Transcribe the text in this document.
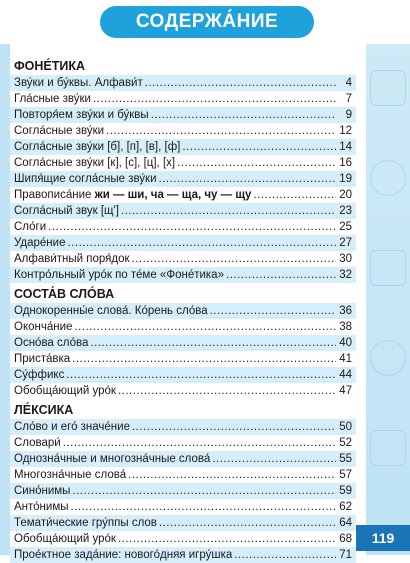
СОДЕРЖА́НИЕ
ФОНЕ́ТИКА
Зву́ки и бу́квы. Алфави́т .....	4
Гла́сные зву́ки .....	7
Повторя́ем зву́ки и бу́квы .....	9
Согла́сные зву́ки .....	12
Согла́сные зву́ки [б], [п], [в], [ф] .....	14
Согла́сные зву́ки [к], [с], [ц], [х] .....	16
Шипя́щие согла́сные зву́ки .....	19
Правописа́ние жи — ши, ча — ща, чу — щу .....	20
Согла́сный звук [щ'] .....	23
Сло́ги .....	25
Ударе́ние .....	27
Алфави́тный поря́док .....	30
Контро́льный уро́к по те́ме «Фоне́тика» .....	32
СОСТА́В СЛО́ВА
Однокоренны́е слова́. Ко́рень сло́ва .....	36
Оконча́ние .....	38
Осно́ва сло́ва .....	40
Приста́вка .....	41
Су́ффикс .....	44
Обобща́ющий уро́к .....	47
ЛЕ́КСИКА
Сло́во и его́ значе́ние .....	50
Словари́ .....	52
Однозна́чные и многозна́чные слова́ .....	55
Многозна́чные слова́ .....	57
Сино́нимы .....	59
Анто́нимы .....	62
Темати́ческие гру́ппы слов .....	64
Обобща́ющий уро́к .....	68
Прое́ктное зада́ние: нового́дняя игру́шка .....	71
119
